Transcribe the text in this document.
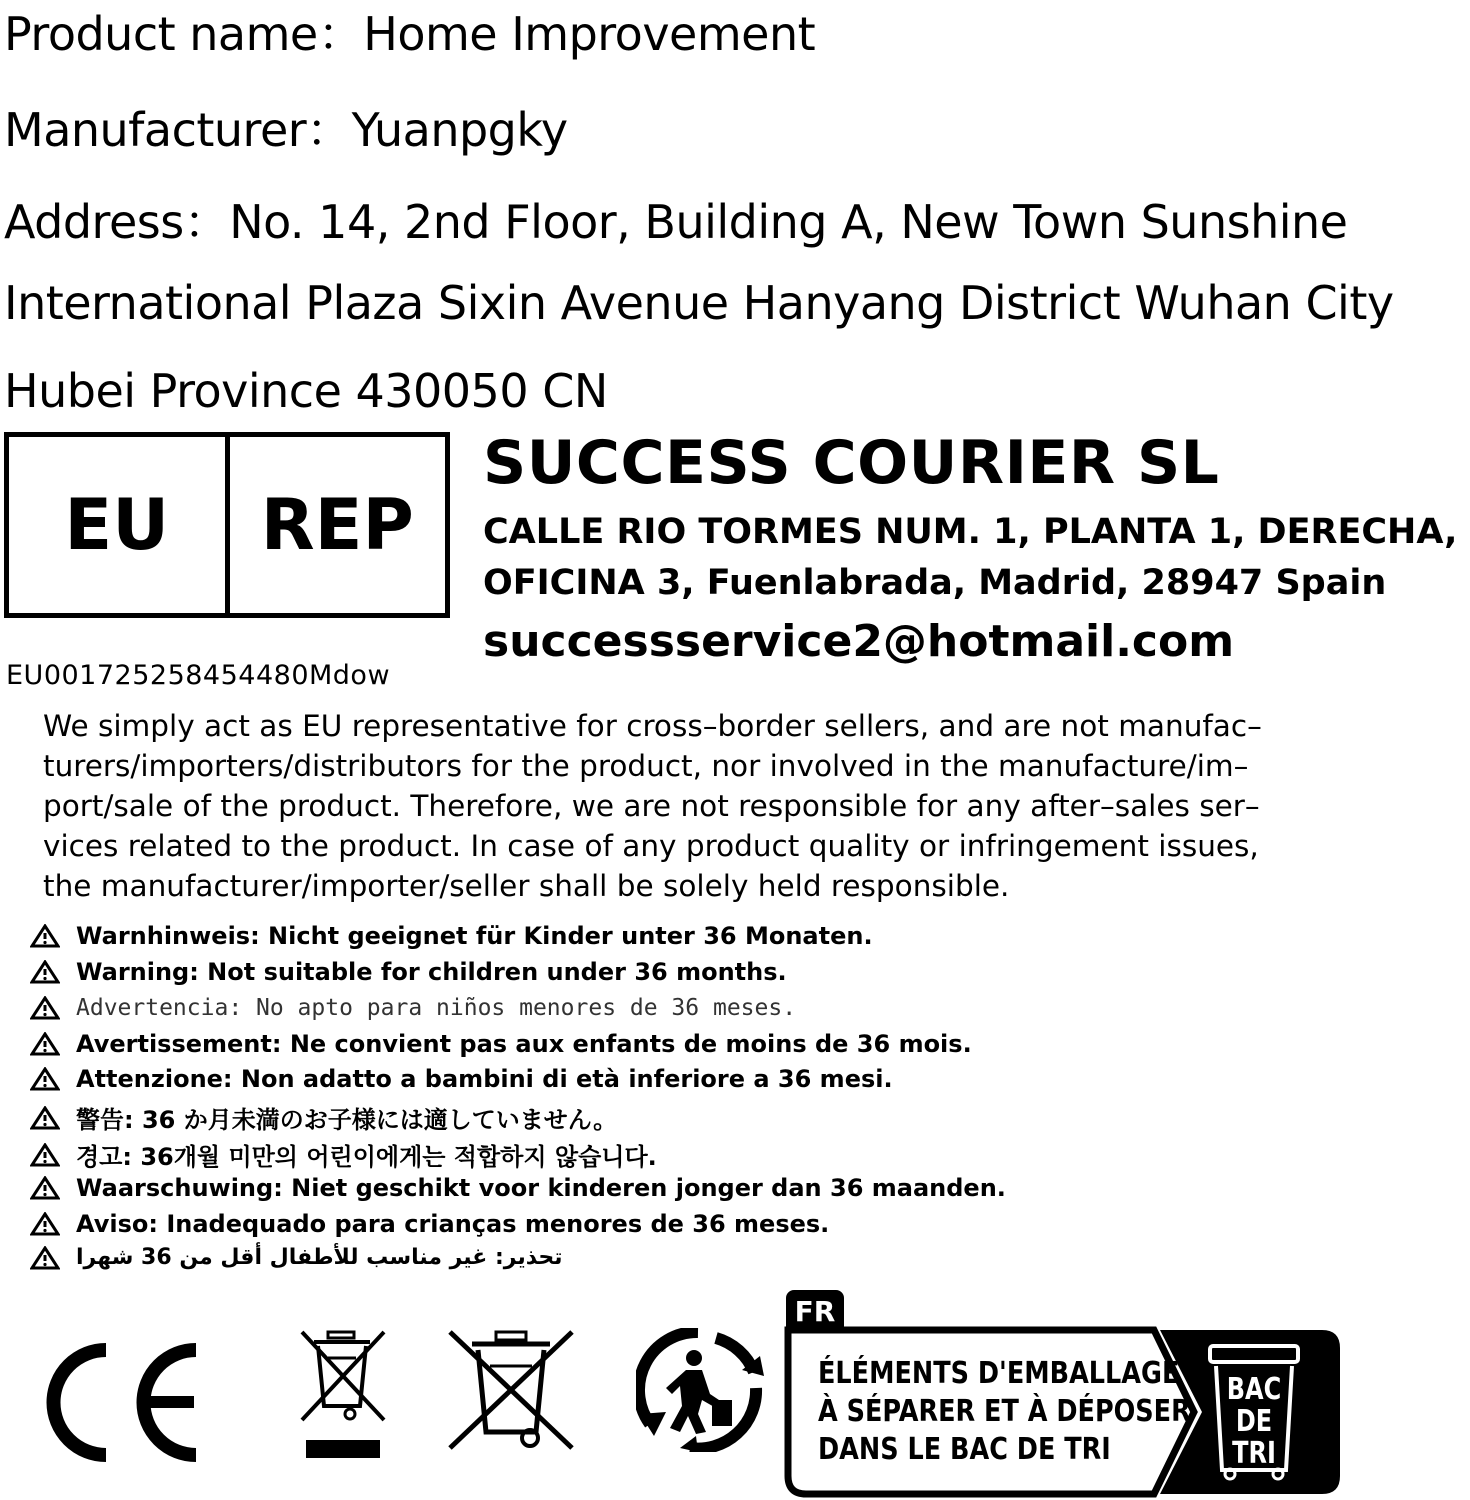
Product name：Home Improvement
Manufacturer：Yuanpgky
Address：No. 14, 2nd Floor, Building A, New Town Sunshine
International Plaza Sixin Avenue Hanyang District Wuhan City
Hubei Province 430050 CN
EU	REP
EU001725258454480Mdow
SUCCESS COURIER SL
CALLE RIO TORMES NUM. 1, PLANTA 1, DERECHA,
OFICINA 3, Fuenlabrada, Madrid, 28947 Spain
successservice2@hotmail.com
We simply act as EU representative for cross–border sellers, and are not manufac–
turers/importers/distributors for the product, nor involved in the manufacture/im–
port/sale of the product. Therefore, we are not responsible for any after–sales ser–
vices related to the product. In case of any product quality or infringement issues,
the manufacturer/importer/seller shall be solely held responsible.
Warnhinweis: Nicht geeignet für Kinder unter 36 Monaten.
Warning: Not suitable for children under 36 months.
Advertencia: No apto para niños menores de 36 meses.
Avertissement: Ne convient pas aux enfants de moins de 36 mois.
Attenzione: Non adatto a bambini di età inferiore a 36 mesi.
警告: 36 か月未満のお子様には適していません。
경고: 36개월 미만의 어린이에게는 적합하지 않습니다.
Waarschuwing: Niet geschikt voor kinderen jonger dan 36 maanden.
Aviso: Inadequado para crianças menores de 36 meses.
تحذير: غير مناسب للأطفال أقل من 36 شهرا
FR
ÉLÉMENTS D'EMBALLAGE
À SÉPARER ET À DÉPOSER
DANS LE BAC DE TRI
BAC
DE
TRI
